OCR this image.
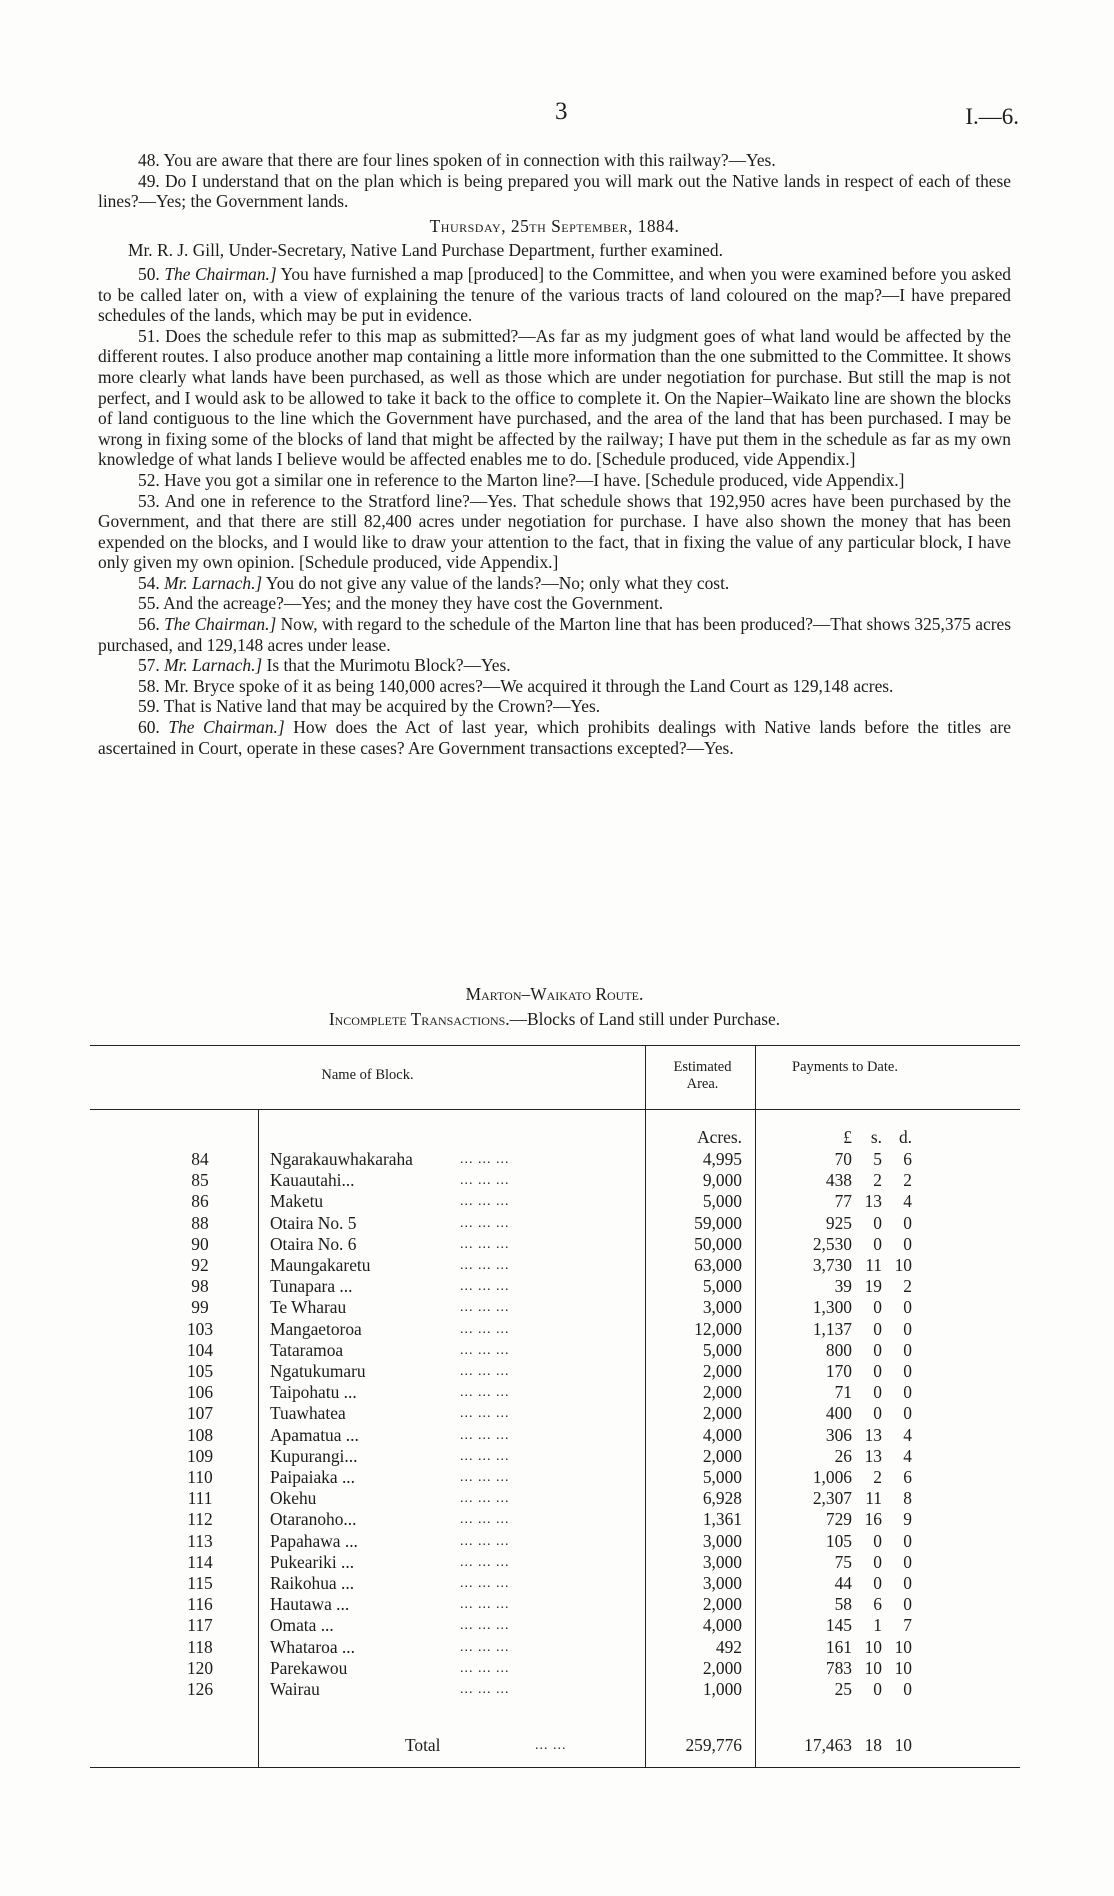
3	I.—6.

48. You are aware that there are four lines spoken of in connection with this railway?—Yes.

49. Do I understand that on the plan which is being prepared you will mark out the Native lands in respect of each of these lines?—Yes; the Government lands.

Thursday, 25th September, 1884.

Mr. R. J. Gill, Under-Secretary, Native Land Purchase Department, further examined.

50. The Chairman.] You have furnished a map [produced] to the Committee, and when you were examined before you asked to be called later on, with a view of explaining the tenure of the various tracts of land coloured on the map?—I have prepared schedules of the lands, which may be put in evidence.

51. Does the schedule refer to this map as submitted?—As far as my judgment goes of what land would be affected by the different routes. I also produce another map containing a little more information than the one submitted to the Committee. It shows more clearly what lands have been purchased, as well as those which are under negotiation for purchase. But still the map is not perfect, and I would ask to be allowed to take it back to the office to complete it. On the Napier–Waikato line are shown the blocks of land contiguous to the line which the Government have purchased, and the area of the land that has been purchased. I may be wrong in fixing some of the blocks of land that might be affected by the railway; I have put them in the schedule as far as my own knowledge of what lands I believe would be affected enables me to do. [Schedule produced, vide Appendix.]

52. Have you got a similar one in reference to the Marton line?—I have. [Schedule produced, vide Appendix.]

53. And one in reference to the Stratford line?—Yes. That schedule shows that 192,950 acres have been purchased by the Government, and that there are still 82,400 acres under negotiation for purchase. I have also shown the money that has been expended on the blocks, and I would like to draw your attention to the fact, that in fixing the value of any particular block, I have only given my own opinion. [Schedule produced, vide Appendix.]

54. Mr. Larnach.] You do not give any value of the lands?—No; only what they cost.

55. And the acreage?—Yes; and the money they have cost the Government.

56. The Chairman.] Now, with regard to the schedule of the Marton line that has been produced?—That shows 325,375 acres purchased, and 129,148 acres under lease.

57. Mr. Larnach.] Is that the Murimotu Block?—Yes.

58. Mr. Bryce spoke of it as being 140,000 acres?—We acquired it through the Land Court as 129,148 acres.

59. That is Native land that may be acquired by the Crown?—Yes.

60. The Chairman.] How does the Act of last year, which prohibits dealings with Native lands before the titles are ascertained in Court, operate in these cases? Are Government transactions excepted?—Yes.

Marton–Waikato Route.
Incomplete Transactions.—Blocks of Land still under Purchase.
Name of Block.	Estimated Area.
Payments to Date.
Acres.	£	s. d.
84	Ngarakauwhakaraha	... ... ...	4,995	70	5	6
85	Kauautahi...	... ... ...	9,000	438	2	2
86	Maketu	... ... ...	5,000	77 13	4
88	Otaira No. 5	... ... ...	59,000	925	0	0
90	Otaira No. 6	... ... ...	50,000	2,530	0	0
92	Maungakaretu	... ... ...	63,000	3,730 11 10
98	Tunapara ...	... ... ...	5,000	39 19	2
99	Te Wharau	... ... ...	3,000	1,300	0	0
103	Mangaetoroa	... ... ...	12,000	1,137	0	0
104	Tataramoa	... ... ...	5,000	800	0	0
105	Ngatukumaru	... ... ...	2,000	170	0	0
106	Taipohatu ...	... ... ...	2,000	71	0	0
107	Tuawhatea	... ... ...	2,000	400	0	0
108	Apamatua ...	... ... ...	4,000	306 13	4
109	Kupurangi...	... ... ...	2,000	26 13	4
110	Paipaiaka ...	... ... ...	5,000	1,006	2	6
111	Okehu	... ... ...	6,928	2,307 11	8
112	Otaranoho...	... ... ...	1,361	729 16	9
113	Papahawa ...	... ... ...	3,000	105	0	0
114	Pukeariki ...	... ... ...	3,000	75	0	0
115	Raikohua ...	... ... ...	3,000	44	0	0
116	Hautawa ...	... ... ...	2,000	58	6	0
117	Omata ...	... ... ...	4,000	145	1	7
118	Whataroa ...	... ... ...	492	161 10 10
120	Parekawou	... ... ...	2,000	783 10 10
126	Wairau	... ... ...	1,000	25	0	0
Total	... ...	259,776	17,463 18 10
